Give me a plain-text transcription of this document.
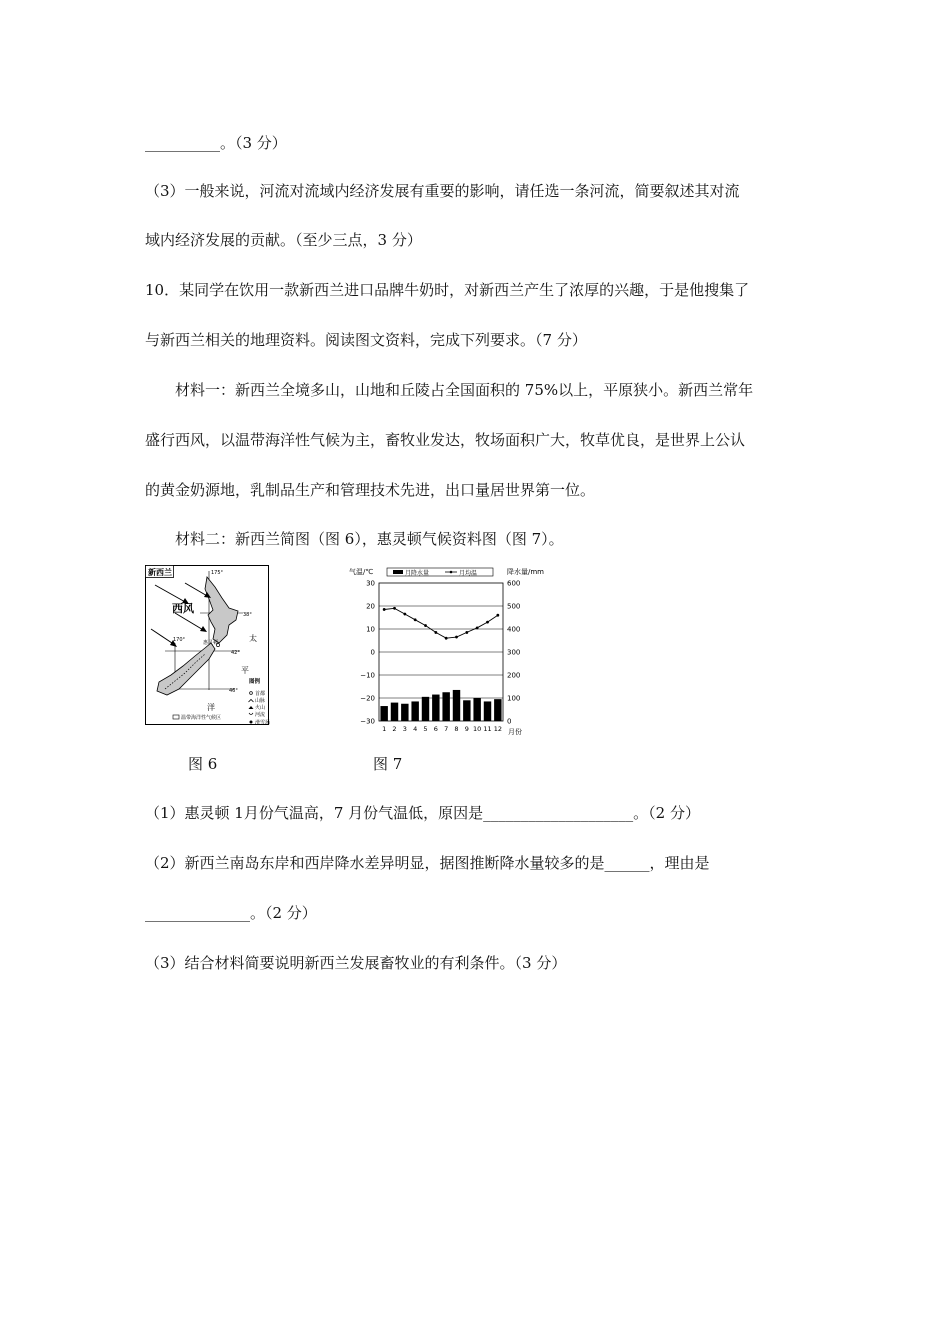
__________。（3 分）
（3）一般来说，河流对流域内经济发展有重要的影响，请任选一条河流，简要叙述其对流
域内经济发展的贡献。（至少三点，3 分）
10．某同学在饮用一款新西兰进口品牌牛奶时，对新西兰产生了浓厚的兴趣，于是他搜集了
与新西兰相关的地理资料。阅读图文资料，完成下列要求。（7 分）
材料一：新西兰全境多山，山地和丘陵占全国面积的 75%以上，平原狭小。新西兰常年
盛行西风，以温带海洋性气候为主，畜牧业发达，牧场面积广大，牧草优良，是世界上公认
的黄金奶源地，乳制品生产和管理技术先进，出口量居世界第一位。
材料二：新西兰简图（图 6），惠灵顿气候资料图（图 7）。
新西兰	175°
170°
38°
42°
46°
西风
惠灵顿	太
平
洋
图例
首都
山脉
火山
河流
滑雪场
温带海洋性气候区
气温/℃	降水量/mm
月降水量	月均温
30	600
20	500
10	400
0	300
−10	200
−20	100
−30	0
1 2 3 4 5 6 7 8 9 10 11 12 月份
图 6	图 7
（1）惠灵顿 1月份气温高，7 月份气温低，原因是____________________。（2 分）
（2）新西兰南岛东岸和西岸降水差异明显，据图推断降水量较多的是______，理由是
______________。（2 分）
（3）结合材料简要说明新西兰发展畜牧业的有利条件。（3 分）
